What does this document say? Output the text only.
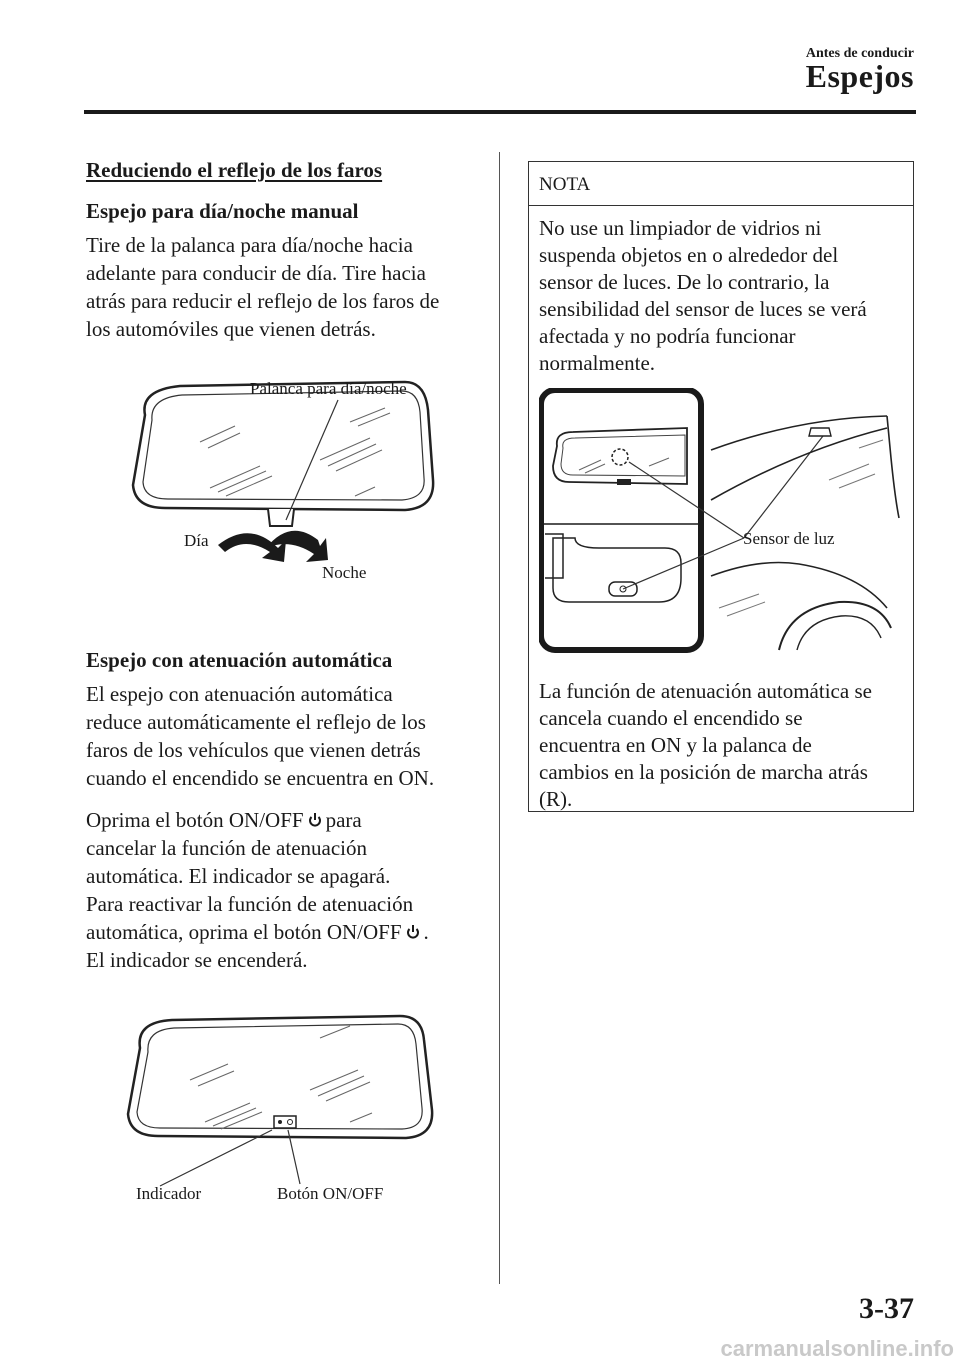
Antes de conducir
Espejos
Reduciendo el reflejo de los faros
Espejo para día/noche manual
Tire de la palanca para día/noche hacia
adelante para conducir de día. Tire hacia
atrás para reducir el reflejo de los faros de
los automóviles que vienen detrás.
Palanca para día/noche
Día
Noche
Espejo con atenuación automática
El espejo con atenuación automática
reduce automáticamente el reflejo de los
faros de los vehículos que vienen detrás
cuando el encendido se encuentra en ON.
Oprima el botón ON/OFF para
cancelar la función de atenuación
automática. El indicador se apagará.
Para reactivar la función de atenuación
automática, oprima el botón ON/OFF .
El indicador se encenderá.
Indicador	Botón ON/OFF
NOTA
No use un limpiador de vidrios ni
suspenda objetos en o alrededor del
sensor de luces. De lo contrario, la
sensibilidad del sensor de luces se verá
afectada y no podría funcionar
normalmente.
Sensor de luz
La función de atenuación automática se
cancela cuando el encendido se
encuentra en ON y la palanca de
cambios en la posición de marcha atrás
(R).
3-37
carmanualsonline.info
